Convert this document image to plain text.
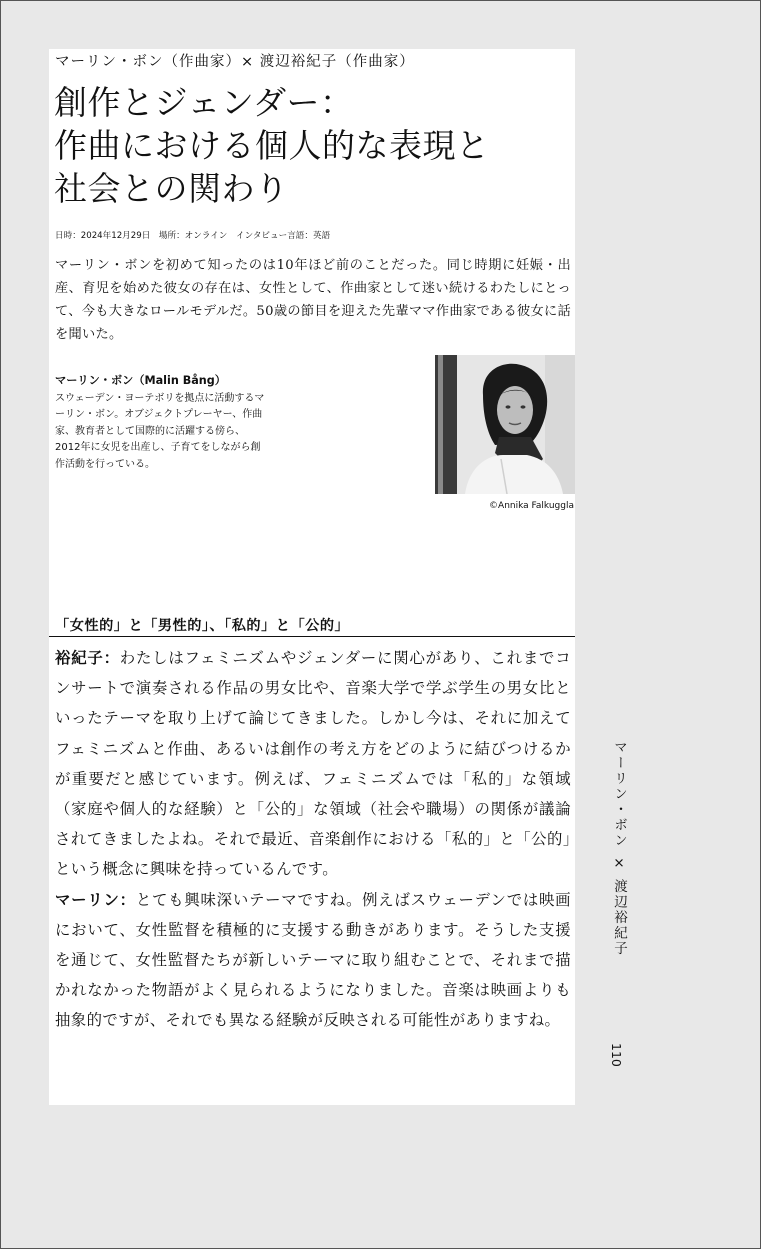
マーリン・ボン（作曲家）× 渡辺裕紀子（作曲家）
創作とジェンダー：
作曲における個人的な表現と
社会との関わり
日時：2024年12月29日　場所：オンライン　インタビュー言語：英語

マーリン・ボンを初めて知ったのは10年ほど前のことだった。同じ時期に妊娠・出産、育児を始めた彼女の存在は、女性として、作曲家として迷い続けるわたしにとって、今も大きなロールモデルだ。50歳の節目を迎えた先輩ママ作曲家である彼女に話を聞いた。

マーリン・ボン（Malin Bång）

スウェーデン・ヨーテボリを拠点に活動するマーリン・ボン。オブジェクトプレーヤー、作曲家、教育者として国際的に活躍する傍ら、2012年に女児を出産し、子育てをしながら創作活動を行っている。

©Annika Falkuggla
「女性的」と「男性的」、「私的」と「公的」

裕紀子：わたしはフェミニズムやジェンダーに関心があり、これまでコンサートで演奏される作品の男女比や、音楽大学で学ぶ学生の男女比といったテーマを取り上げて論じてきました。しかし今は、それに加えてフェミニズムと作曲、あるいは創作の考え方をどのように結びつけるかが重要だと感じています。例えば、フェミニズムでは「私的」な領域（家庭や個人的な経験）と「公的」な領域（社会や職場）の関係が議論されてきましたよね。それで最近、音楽創作における「私的」と「公的」という概念に興味を持っているんです。

マーリン：とても興味深いテーマですね。例えばスウェーデンでは映画において、女性監督を積極的に支援する動きがあります。そうした支援を通じて、女性監督たちが新しいテーマに取り組むことで、それまで描かれなかった物語がよく見られるようになりました。音楽は映画よりも抽象的ですが、それでも異なる経験が反映される可能性がありますね。

マーリン・ボン × 渡辺裕紀子
110
